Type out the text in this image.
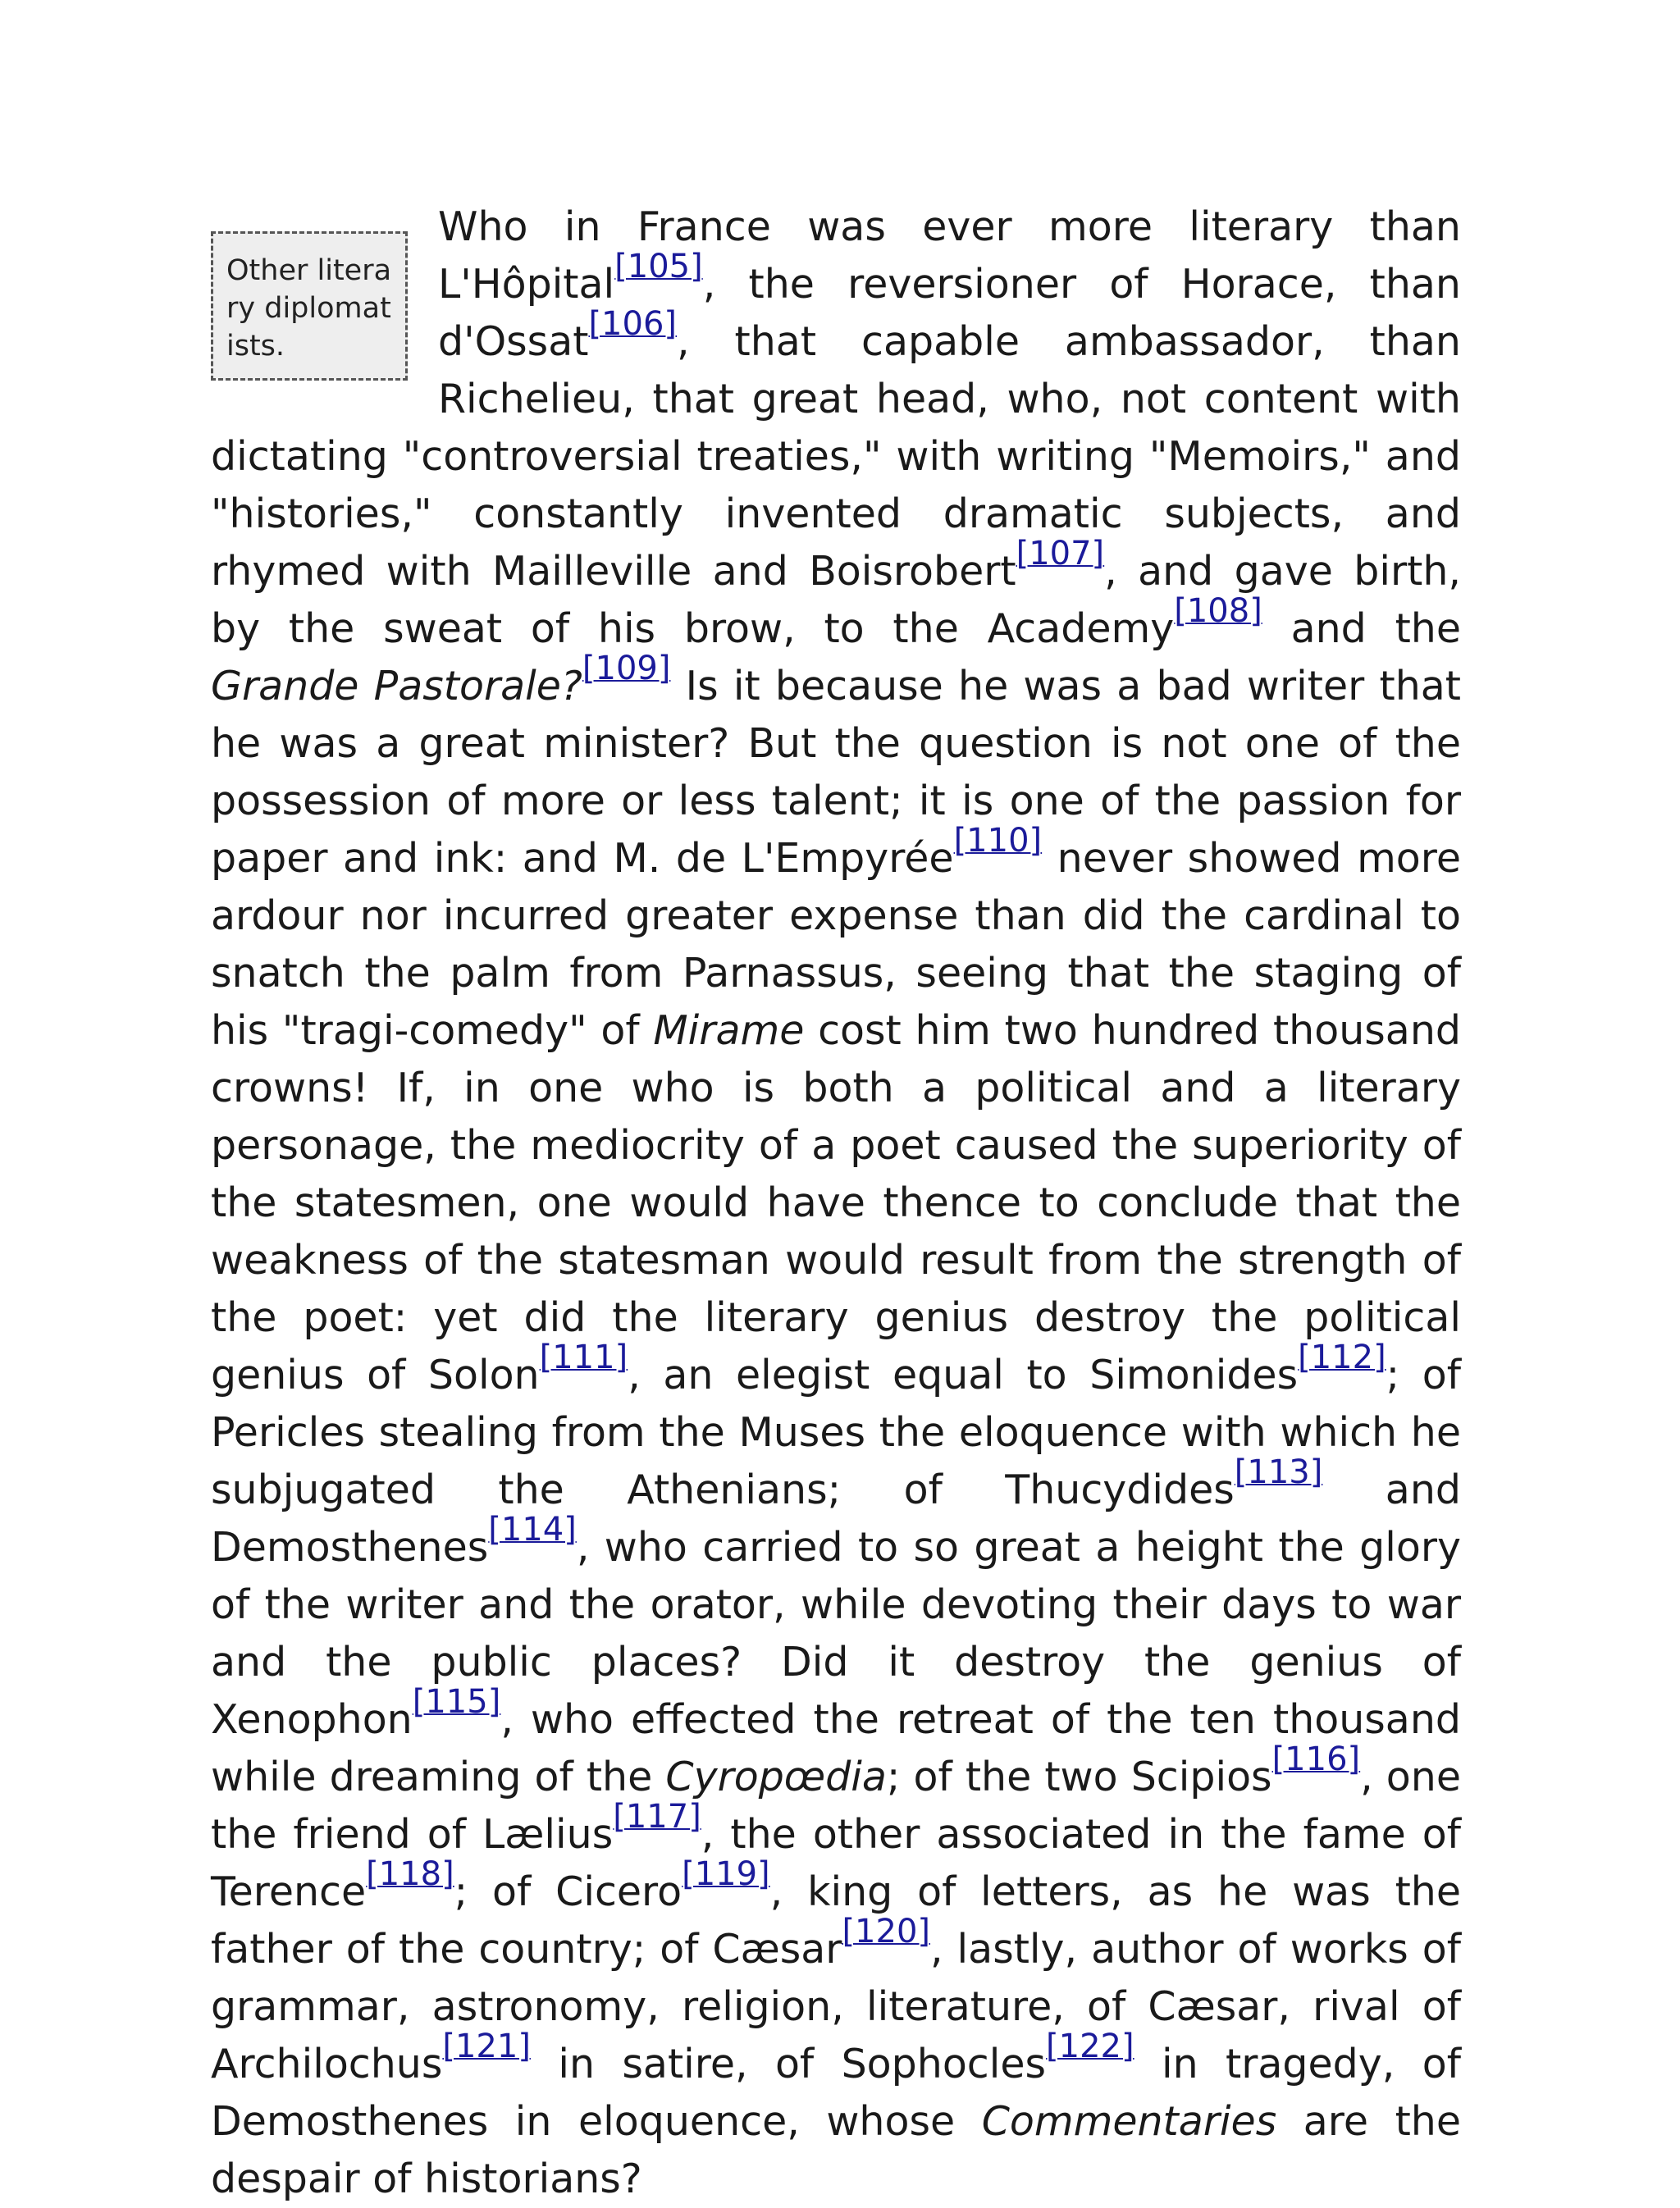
Other literary diplomatists.
Who in France was ever more literary than L'Hôpital[105], the reversioner of Horace, than d'Ossat[106], that capable ambassador, than Richelieu, that great head, who, not content with dictating "controversial treaties," with writing "Memoirs," and "histories," constantly invented dramatic subjects, and rhymed with Mailleville and Boisrobert[107], and gave birth, by the sweat of his brow, to the Academy[108] and the Grande Pastorale?[109] Is it because he was a bad writer that he was a great minister? But the question is not one of the possession of more or less talent; it is one of the passion for paper and ink: and M. de L'Empyrée[110] never showed more ardour nor incurred greater expense than did the cardinal to snatch the palm from Parnassus, seeing that the staging of his "tragi-comedy" of Mirame cost him two hundred thousand crowns! If, in one who is both a political and a literary personage, the mediocrity of a poet caused the superiority of the statesmen, one would have thence to conclude that the weakness of the statesman would result from the strength of the poet: yet did the literary genius destroy the political genius of Solon[111], an elegist equal to Simonides[112]; of Pericles stealing from the Muses the eloquence with which he subjugated the Athenians; of Thucydides[113] and Demosthenes[114], who carried to so great a height the glory of the writer and the orator, while devoting their days to war and the public places? Did it destroy the genius of Xenophon[115], who effected the retreat of the ten thousand while dreaming of the Cyropœdia; of the two Scipios[116], one the friend of Lælius[117], the other associated in the fame of Terence[118]; of Cicero[119], king of letters, as he was the father of the country; of Cæsar[120], lastly, author of works of grammar, astronomy, religion, literature, of Cæsar, rival of Archilochus[121] in satire, of Sophocles[122] in tragedy, of Demosthenes in eloquence, whose Commentaries are the despair of historians?
